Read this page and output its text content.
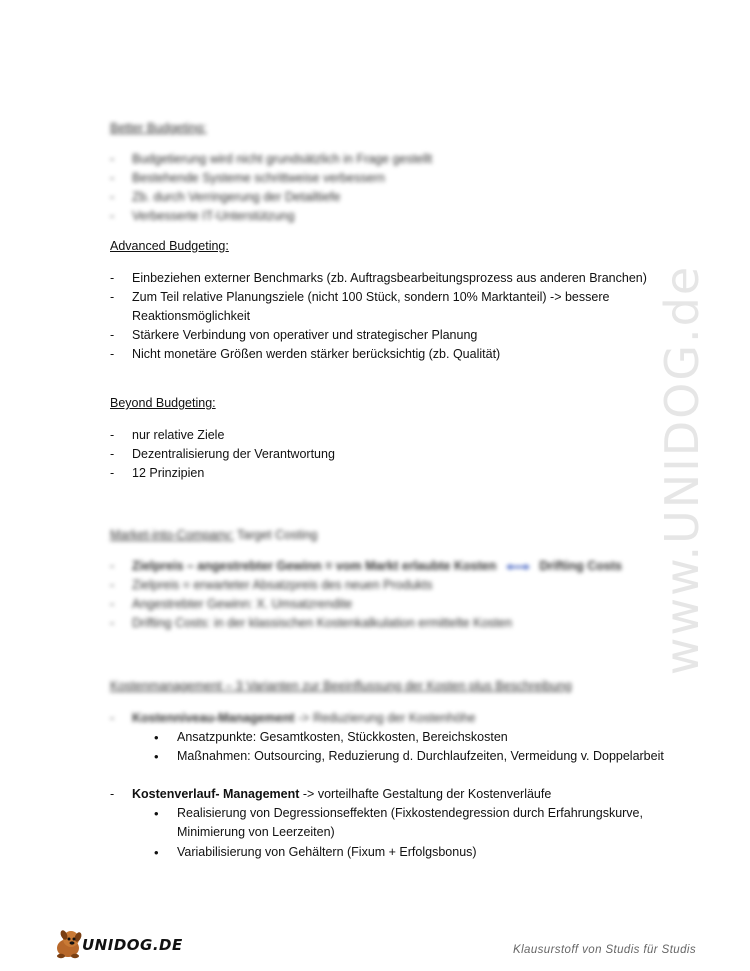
www.UNIDOG.de
Better Budgeting:
- Budgetierung wird nicht grundsätzlich in Frage gestellt
- Bestehende Systeme schrittweise verbessern
- Zb. durch Verringerung der Detailtiefe
- Verbesserte IT-Unterstützung
Advanced Budgeting:
- Einbeziehen externer Benchmarks (zb. Auftragsbearbeitungsprozess aus anderen Branchen)
- Zum Teil relative Planungsziele (nicht 100 Stück, sondern 10% Marktanteil) -> bessere Reaktionsmöglichkeit
- Stärkere Verbindung von operativer und strategischer Planung
- Nicht monetäre Größen werden stärker berücksichtig (zb. Qualität)
Beyond Budgeting:
- nur relative Ziele
- Dezentralisierung der Verantwortung
- 12 Prinzipien
Market-into-Company: Target Costing
- Zielpreis – angestrebter Gewinn = vom Markt erlaubte Kosten	Drifting Costs
- Zielpreis = erwarteter Absatzpreis des neuen Produkts
- Angestrebter Gewinn: X. Umsatzrendite
- Drifting Costs: in der klassischen Kostenkalkulation ermittelte Kosten
Kostenmanagement – 3 Varianten zur Beeinflussung der Kosten plus Beschreibung
- Kostenniveau-Management -> Reduzierung der Kostenhöhe
• Ansatzpunkte: Gesamtkosten, Stückkosten, Bereichskosten
• Maßnahmen: Outsourcing, Reduzierung d. Durchlaufzeiten, Vermeidung v. Doppelarbeit
- Kostenverlauf- Management -> vorteilhafte Gestaltung der Kostenverläufe
• Realisierung von Degressionseffekten (Fixkostendegression durch Erfahrungskurve, Minimierung von Leerzeiten)
• Variabilisierung von Gehältern (Fixum + Erfolgsbonus)
UNIDOG.DE	Klausurstoff von Studis für Studis
